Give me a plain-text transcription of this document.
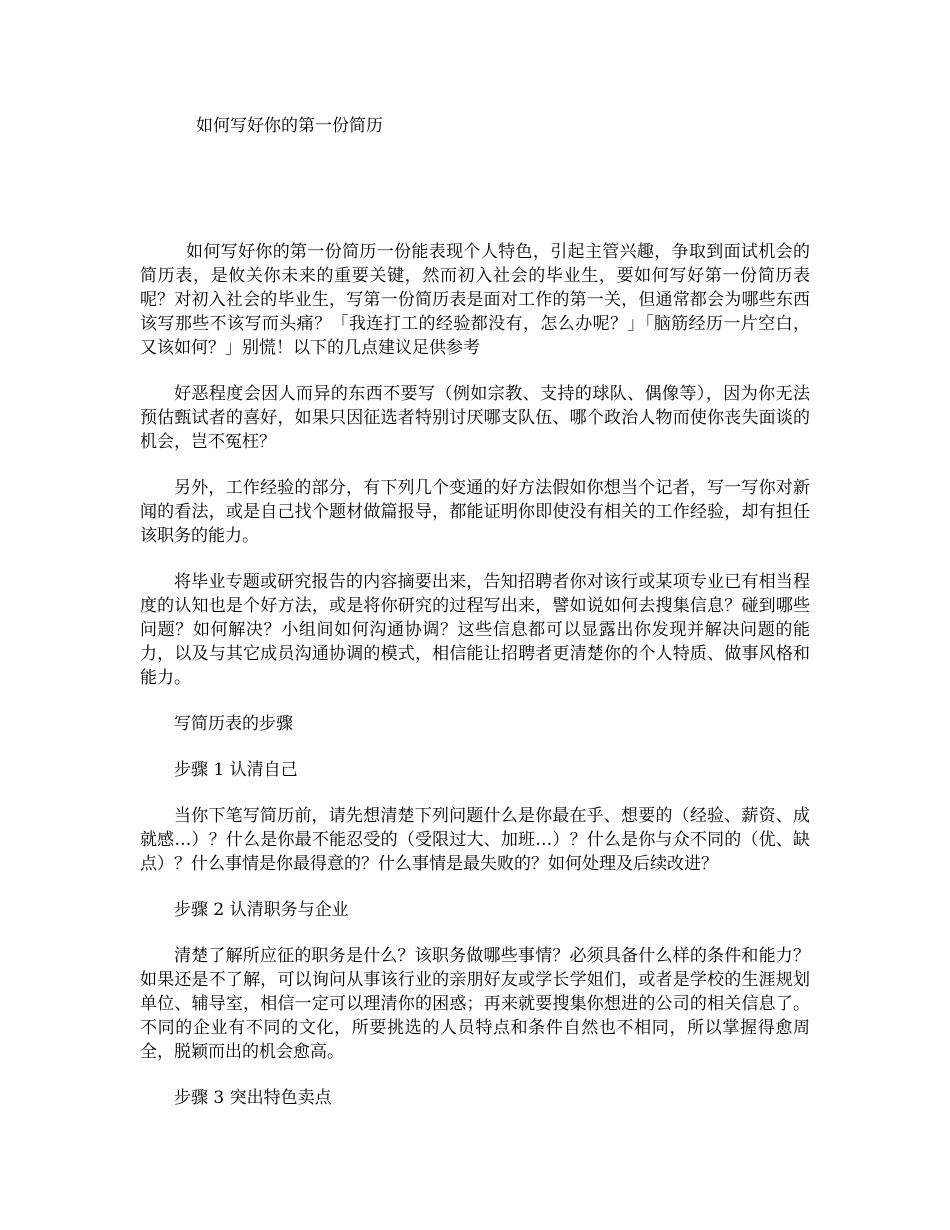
如何写好你的第一份简历

如何写好你的第一份简历一份能表现个人特色，引起主管兴趣，争取到面试机会的简历表，是攸关你未来的重要关键，然而初入社会的毕业生，要如何写好第一份简历表呢？对初入社会的毕业生，写第一份简历表是面对工作的第一关，但通常都会为哪些东西该写那些不该写而头痛？「我连打工的经验都没有，怎么办呢？」「脑筋经历一片空白，又该如何？」别慌！以下的几点建议足供参考

好恶程度会因人而异的东西不要写（例如宗教、支持的球队、偶像等），因为你无法预估甄试者的喜好，如果只因征选者特别讨厌哪支队伍、哪个政治人物而使你丧失面谈的机会，岂不冤枉？

另外，工作经验的部分，有下列几个变通的好方法假如你想当个记者，写一写你对新闻的看法，或是自己找个题材做篇报导，都能证明你即使没有相关的工作经验，却有担任该职务的能力。

将毕业专题或研究报告的内容摘要出来，告知招聘者你对该行或某项专业已有相当程度的认知也是个好方法，或是将你研究的过程写出来，譬如说如何去搜集信息？碰到哪些问题？如何解决？小组间如何沟通协调？这些信息都可以显露出你发现并解决问题的能力，以及与其它成员沟通协调的模式，相信能让招聘者更清楚你的个人特质、做事风格和能力。

写简历表的步骤

步骤 1 认清自己

当你下笔写简历前，请先想清楚下列问题什么是你最在乎、想要的（经验、薪资、成就感…）？什么是你最不能忍受的（受限过大、加班…）？什么是你与众不同的（优、缺点）？什么事情是你最得意的？什么事情是最失败的？如何处理及后续改进？

步骤 2 认清职务与企业

清楚了解所应征的职务是什么？该职务做哪些事情？必须具备什么样的条件和能力？如果还是不了解，可以询问从事该行业的亲朋好友或学长学姐们，或者是学校的生涯规划单位、辅导室，相信一定可以理清你的困惑；再来就要搜集你想进的公司的相关信息了。不同的企业有不同的文化，所要挑选的人员特点和条件自然也不相同，所以掌握得愈周全，脱颖而出的机会愈高。

步骤 3 突出特色卖点
